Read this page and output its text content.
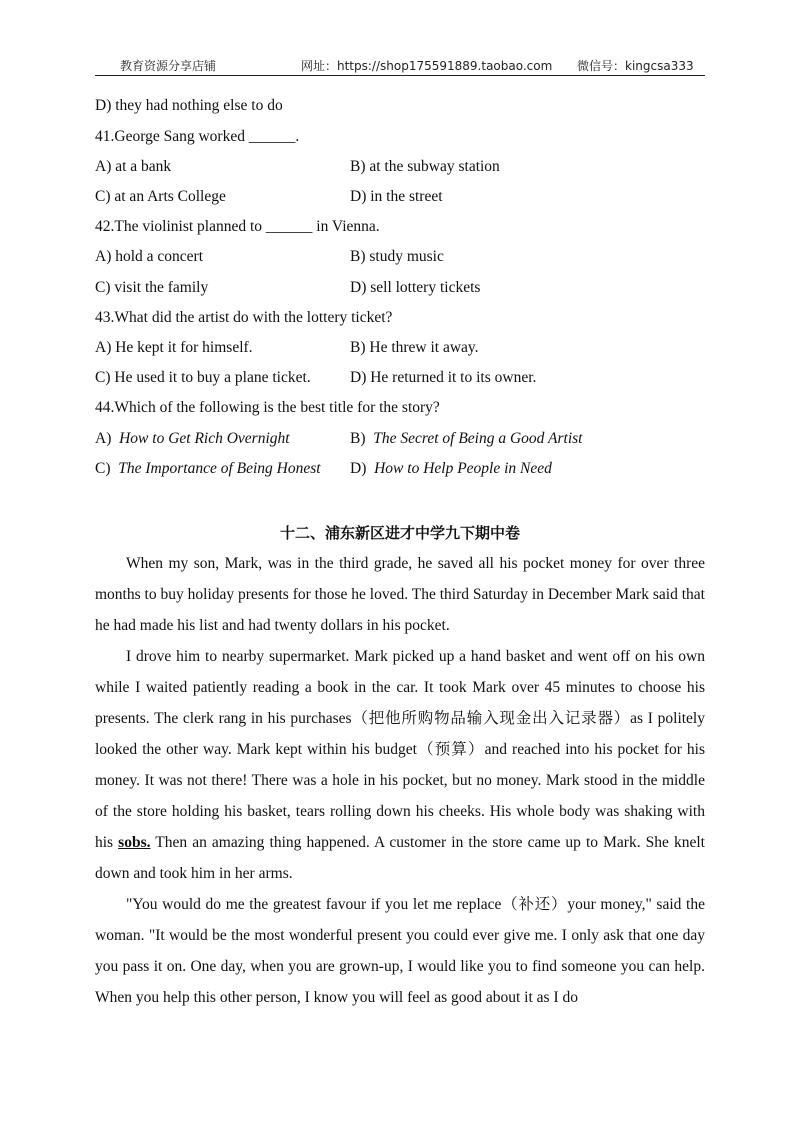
教育资源分享店铺	网址：https://shop175591889.taobao.com 微信号：kingcsa333
D) they had nothing else to do
41.George Sang worked ______.
A) at a bank	B) at the subway station
C) at an Arts College	D) in the street
42.The violinist planned to ______ in Vienna.
A) hold a concert	B) study music
C) visit the family	D) sell lottery tickets
43.What did the artist do with the lottery ticket?
A) He kept it for himself.	B) He threw it away.
C) He used it to buy a plane ticket.	D) He returned it to its owner.
44.Which of the following is the best title for the story?
A) How to Get Rich Overnight	B) The Secret of Being a Good Artist
C) The Importance of Being Honest D) How to Help People in Need
十二、浦东新区进才中学九下期中卷

When my son, Mark, was in the third grade, he saved all his pocket money for over three months to buy holiday presents for those he loved. The third Saturday in December Mark said that he had made his list and had twenty dollars in his pocket.

I drove him to nearby supermarket. Mark picked up a hand basket and went off on his own while I waited patiently reading a book in the car. It took Mark over 45 minutes to choose his presents. The clerk rang in his purchases（把他所购物品输入现金出入记录器）as I politely looked the other way. Mark kept within his budget（预算）and reached into his pocket for his money. It was not there! There was a hole in his pocket, but no money. Mark stood in the middle of the store holding his basket, tears rolling down his cheeks. His whole body was shaking with his sobs. Then an amazing thing happened. A customer in the store came up to Mark. She knelt down and took him in her arms.

"You would do me the greatest favour if you let me replace（补还）your money," said the woman. "It would be the most wonderful present you could ever give me. I only ask that one day you pass it on. One day, when you are grown-up, I would like you to find someone you can help. When you help this other person, I know you will feel as good about it as I do
